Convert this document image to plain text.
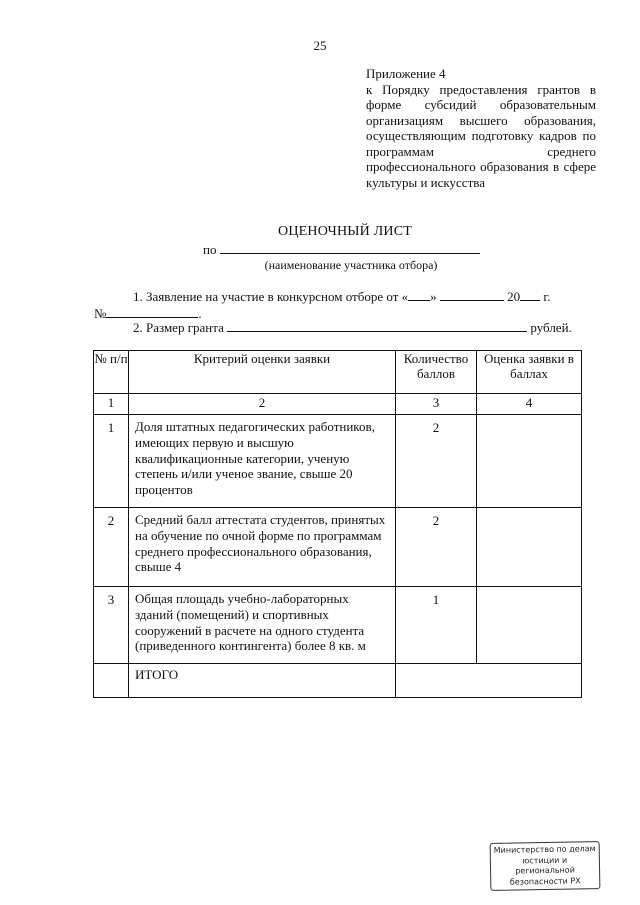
25
Приложение 4
к Порядку предоставления грантов в форме субсидий образовательным организациям высшего образования, осуществляющим подготовку кадров по программам среднего профессионального образования в сфере культуры и искусства
ОЦЕНОЧНЫЙ ЛИСТ
по
(наименование участника отбора)
1. Заявление на участие в конкурсном отборе от « »	20 г.
№	.
2. Размер гранта	рублей.
№ п/п	Критерий оценки заявки	Количество баллов	Оценка заявки в баллах
1	2	3	4
1	Доля штатных педагогических работников, имеющих первую и высшую квалификационные категории, ученую степень и/или ученое звание, свыше 20 процентов	2	
2	Средний балл аттестата студентов, принятых на обучение по очной форме по программам среднего профессионального образования, свыше 4	2	
3	Общая площадь учебно-лабораторных зданий (помещений) и спортивных сооружений в расчете на одного студента (приведенного контингента) более 8 кв. м	1	
	ИТОГО		
Министерство по делам
юстиции и региональной
безопасности РХ
